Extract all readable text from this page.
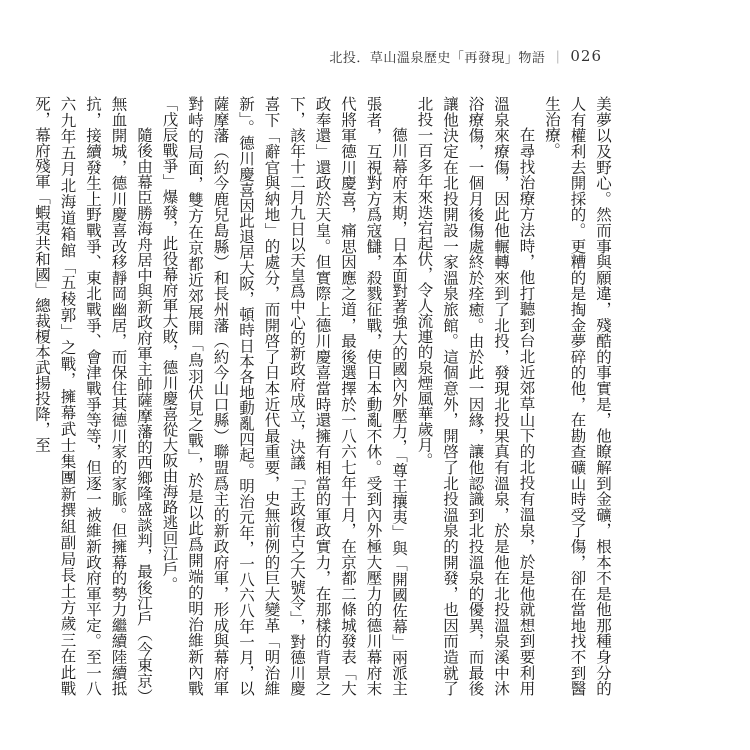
北投．草山溫泉歷史「再發現」物語 ｜ 026

美夢以及野心。然而事與願違，殘酷的事實是，他瞭解到金礦，根本不是他那種身分的人有權利去開採的。更糟的是掏金夢碎的他，在勘查礦山時受了傷，卻在當地找不到醫生治療。

在尋找治療方法時，他打聽到台北近郊草山下的北投有溫泉，於是他就想到要利用溫泉來療傷，因此他輾轉來到了北投，發現北投果真有溫泉，於是他在北投溫泉溪中沐浴療傷，一個月後傷處終於痊癒。由於此一因緣，讓他認識到北投溫泉的優異，而最後讓他決定在北投開設一家溫泉旅館。這個意外，開啓了北投溫泉的開發，也因而造就了北投一百多年來迭宕起伏，令人流連的泉煙風華歲月。

德川幕府末期，日本面對著強大的國內外壓力，「尊王攘夷」與「開國佐幕」兩派主張者，互視對方爲寇讎，殺戮征戰，使日本動亂不休。受到內外極大壓力的德川幕府末代將軍德川慶喜，痛思因應之道，最後選擇於一八六七年十月，在京都二條城發表「大政奉還」還政於天皇。但實際上德川慶喜當時還擁有相當的軍政實力，在那樣的背景之下，該年十二月九日以天皇爲中心的新政府成立，決議「王政復古之大號令」，對德川慶喜下「辭官與納地」的處分，而開啓了日本近代最重要，史無前例的巨大變革「明治維新」。德川慶喜因此退居大阪，頓時日本各地動亂四起。明治元年，一八六八年一月，以薩摩藩（約今鹿兒島縣）和長州藩（約今山口縣）聯盟爲主的新政府軍，形成與幕府軍對峙的局面，雙方在京都近郊展開「鳥羽伏見之戰」，於是以此爲開端的明治維新內戰「戊辰戰爭」爆發，此役幕府軍大敗，德川慶喜從大阪由海路逃回江戶。

隨後由幕臣勝海舟居中與新政府軍主帥薩摩藩的西鄉隆盛談判，最後江戶（今東京）無血開城，德川慶喜改移靜岡幽居，而保住其德川家的家脈。但擁幕的勢力繼續陸續抵抗，接續發生上野戰爭、東北戰爭、會津戰爭等等，但逐一被維新政府軍平定。至一八六九年五月北海道箱館「五稜郭」之戰，擁幕武士集團新撰組副局長土方歲三在此戰死，幕府殘軍「蝦夷共和國」總裁榎本武揚投降，至
